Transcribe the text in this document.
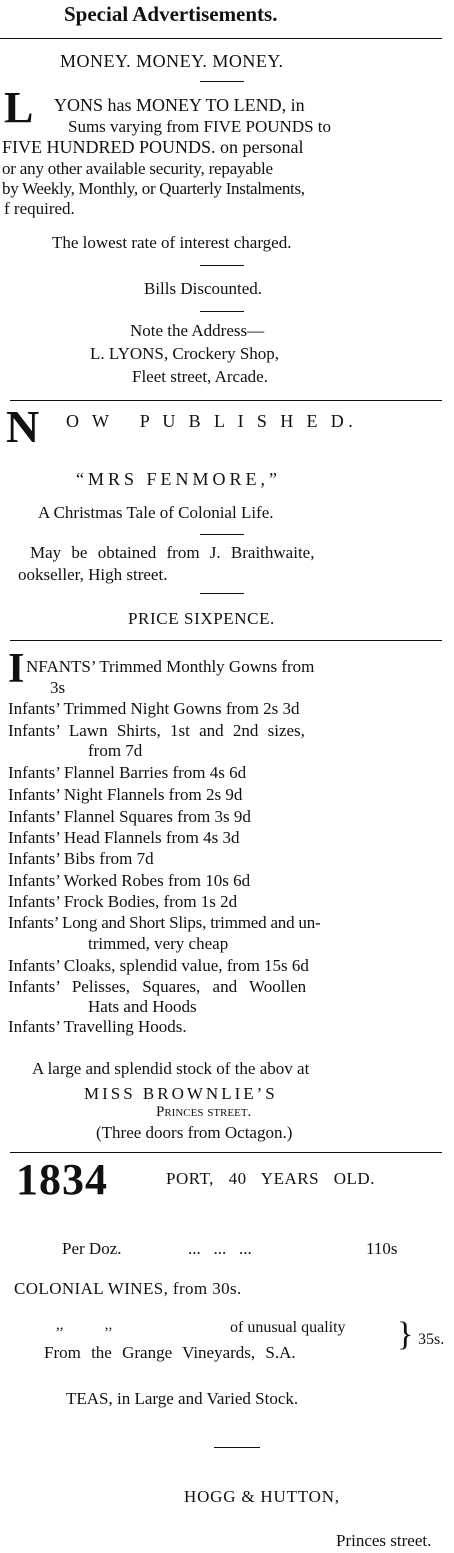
Special Advertisements.
MONEY. MONEY. MONEY.
L YONS has MONEY TO LEND, in
Sums varying from FIVE POUNDS to
FIVE HUNDRED POUNDS. on personal
or any other available security, repayable
by Weekly, Monthly, or Quarterly Instalments,
f required.
The lowest rate of interest charged.
Bills Discounted.
Note the Address—
L. LYONS, Crockery Shop,
Fleet street, Arcade.
N O W   P U B L I S H E D.
“MRS FENMORE,”
A Christmas Tale of Colonial Life.
May be obtained from J. Braithwaite,
ookseller, High street.
PRICE SIXPENCE.
I NFANTS’ Trimmed Monthly Gowns from
3s
Infants’ Trimmed Night Gowns from 2s 3d
Infants’ Lawn Shirts, 1st and 2nd sizes,
from 7d
Infants’ Flannel Barries from 4s 6d
Infants’ Night Flannels from 2s 9d
Infants’ Flannel Squares from 3s 9d
Infants’ Head Flannels from 4s 3d
Infants’ Bibs from 7d
Infants’ Worked Robes from 10s 6d
Infants’ Frock Bodies, from 1s 2d
Infants’ Long and Short Slips, trimmed and un-
trimmed, very cheap
Infants’ Cloaks, splendid value, from 15s 6d
Infants’ Pelisses, Squares, and Woollen
Hats and Hoods
Infants’ Travelling Hoods.
A large and splendid stock of the abov at
MISS BROWNLIE’S
Princes street.
(Three doors from Octagon.)
1834	PORT, 40 YEARS OLD.
Per Doz.	...   ...   ...	110s
COLONIAL WINES, from 30s.
,,           ,,	of unusual quality
From the Grange Vineyards, S.A.	} 35s.
TEAS, in Large and Varied Stock.
HOGG & HUTTON,
Princes street.
